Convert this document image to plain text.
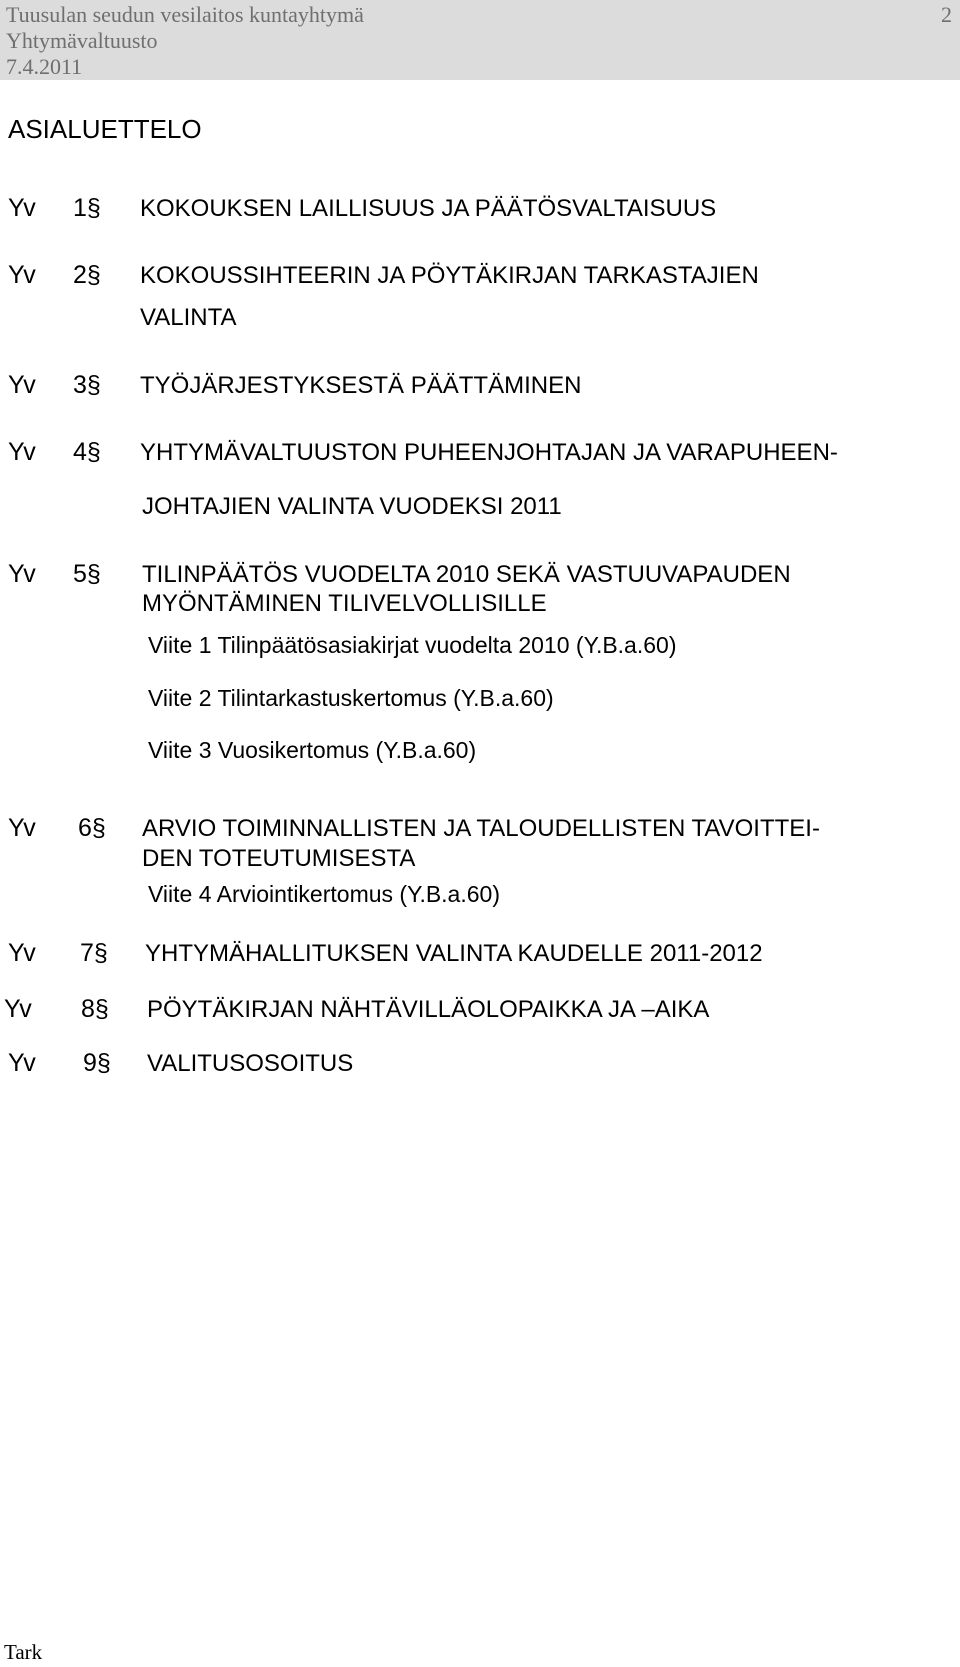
Tuusulan seudun vesilaitos kuntayhtymä
Yhtymävaltuusto
7.4.2011
2
ASIALUETTELO
Yv 1§ KOKOUKSEN LAILLISUUS JA PÄÄTÖSVALTAISUUS
Yv 2§ KOKOUSSIHTEERIN JA PÖYTÄKIRJAN TARKASTAJIEN
VALINTA
Yv 3§ TYÖJÄRJESTYKSESTÄ PÄÄTTÄMINEN
Yv 4§ YHTYMÄVALTUUSTON PUHEENJOHTAJAN JA VARAPUHEEN-
JOHTAJIEN VALINTA VUODEKSI 2011
Yv 5§ TILINPÄÄTÖS VUODELTA 2010 SEKÄ VASTUUVAPAUDEN
MYÖNTÄMINEN TILIVELVOLLISILLE
Viite 1 Tilinpäätösasiakirjat vuodelta 2010 (Y.B.a.60)
Viite 2 Tilintarkastuskertomus (Y.B.a.60)
Viite 3 Vuosikertomus (Y.B.a.60)
Yv 6§ ARVIO TOIMINNALLISTEN JA TALOUDELLISTEN TAVOITTEI-
DEN TOTEUTUMISESTA
Viite 4 Arviointikertomus (Y.B.a.60)
Yv 7§ YHTYMÄHALLITUKSEN VALINTA KAUDELLE 2011-2012
Yv 8§ PÖYTÄKIRJAN NÄHTÄVILLÄOLOPAIKKA JA –AIKA
Yv 9§ VALITUSOSOITUS
Tark
